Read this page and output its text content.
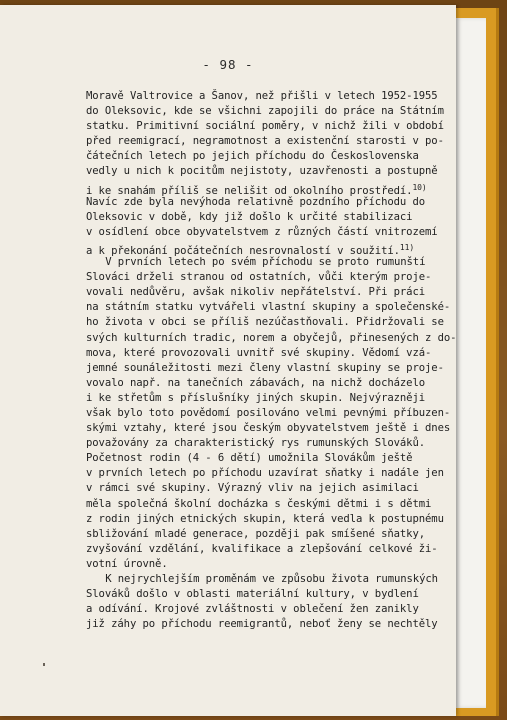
- 98 -
Moravě Valtrovice a Šanov, než přišli v letech 1952-1955
do Oleksovic, kde se všichni zapojili do práce na Státním
statku. Primitivní sociální poměry, v nichž žili v období
před reemigrací, negramotnost a existenční starosti v po-
čátečních letech po jejich příchodu do Československa
vedly u nich k pocitům nejistoty, uzavřenosti a postupně
i ke snahám příliš se nelišit od okolního prostředí.$^{10)}$
Navíc zde byla nevýhoda relativně pozdního příchodu do
Oleksovic v době, kdy již došlo k určité stabilizaci
v osídlení obce obyvatelstvem z různých částí vnitrozemí
a k překonání počátečních nesrovnalostí v soužití.$^{11)}$
V prvních letech po svém příchodu se proto rumunští
Slováci drželi stranou od ostatních, vůči kterým proje-
vovali nedůvěru, avšak nikoliv nepřátelství. Při práci
na státním statku vytvářeli vlastní skupiny a společenské-
ho života v obci se příliš nezúčastňovali. Přidržovali se
svých kulturních tradic, norem a obyčejů, přinesených z do-
mova, které provozovali uvnitř své skupiny. Vědomí vzá-
jemné sounáležitosti mezi členy vlastní skupiny se proje-
vovalo např. na tanečních zábavách, na nichž docházelo
i ke střetům s příslušníky jiných skupin. Nejvýrazněji
však bylo toto povědomí posilováno velmi pevnými příbuzen-
skými vztahy, které jsou českým obyvatelstvem ještě i dnes
považovány za charakteristický rys rumunských Slováků.
Početnost rodin (4 - 6 dětí) umožnila Slovákům ještě
v prvních letech po příchodu uzavírat sňatky i nadále jen
v rámci své skupiny. Výrazný vliv na jejich asimilaci
měla společná školní docházka s českými dětmi i s dětmi
z rodin jiných etnických skupin, která vedla k postupnému
sbližování mladé generace, později pak smíšené sňatky,
zvyšování vzdělání, kvalifikace a zlepšování celkové ži-
votní úrovně.
K nejrychlejším proměnám ve způsobu života rumunských
Slováků došlo v oblasti materiální kultury, v bydlení
a odívání. Krojové zvláštnosti v oblečení žen zanikly
již záhy po příchodu reemigrantů, neboť ženy se nechtěly
